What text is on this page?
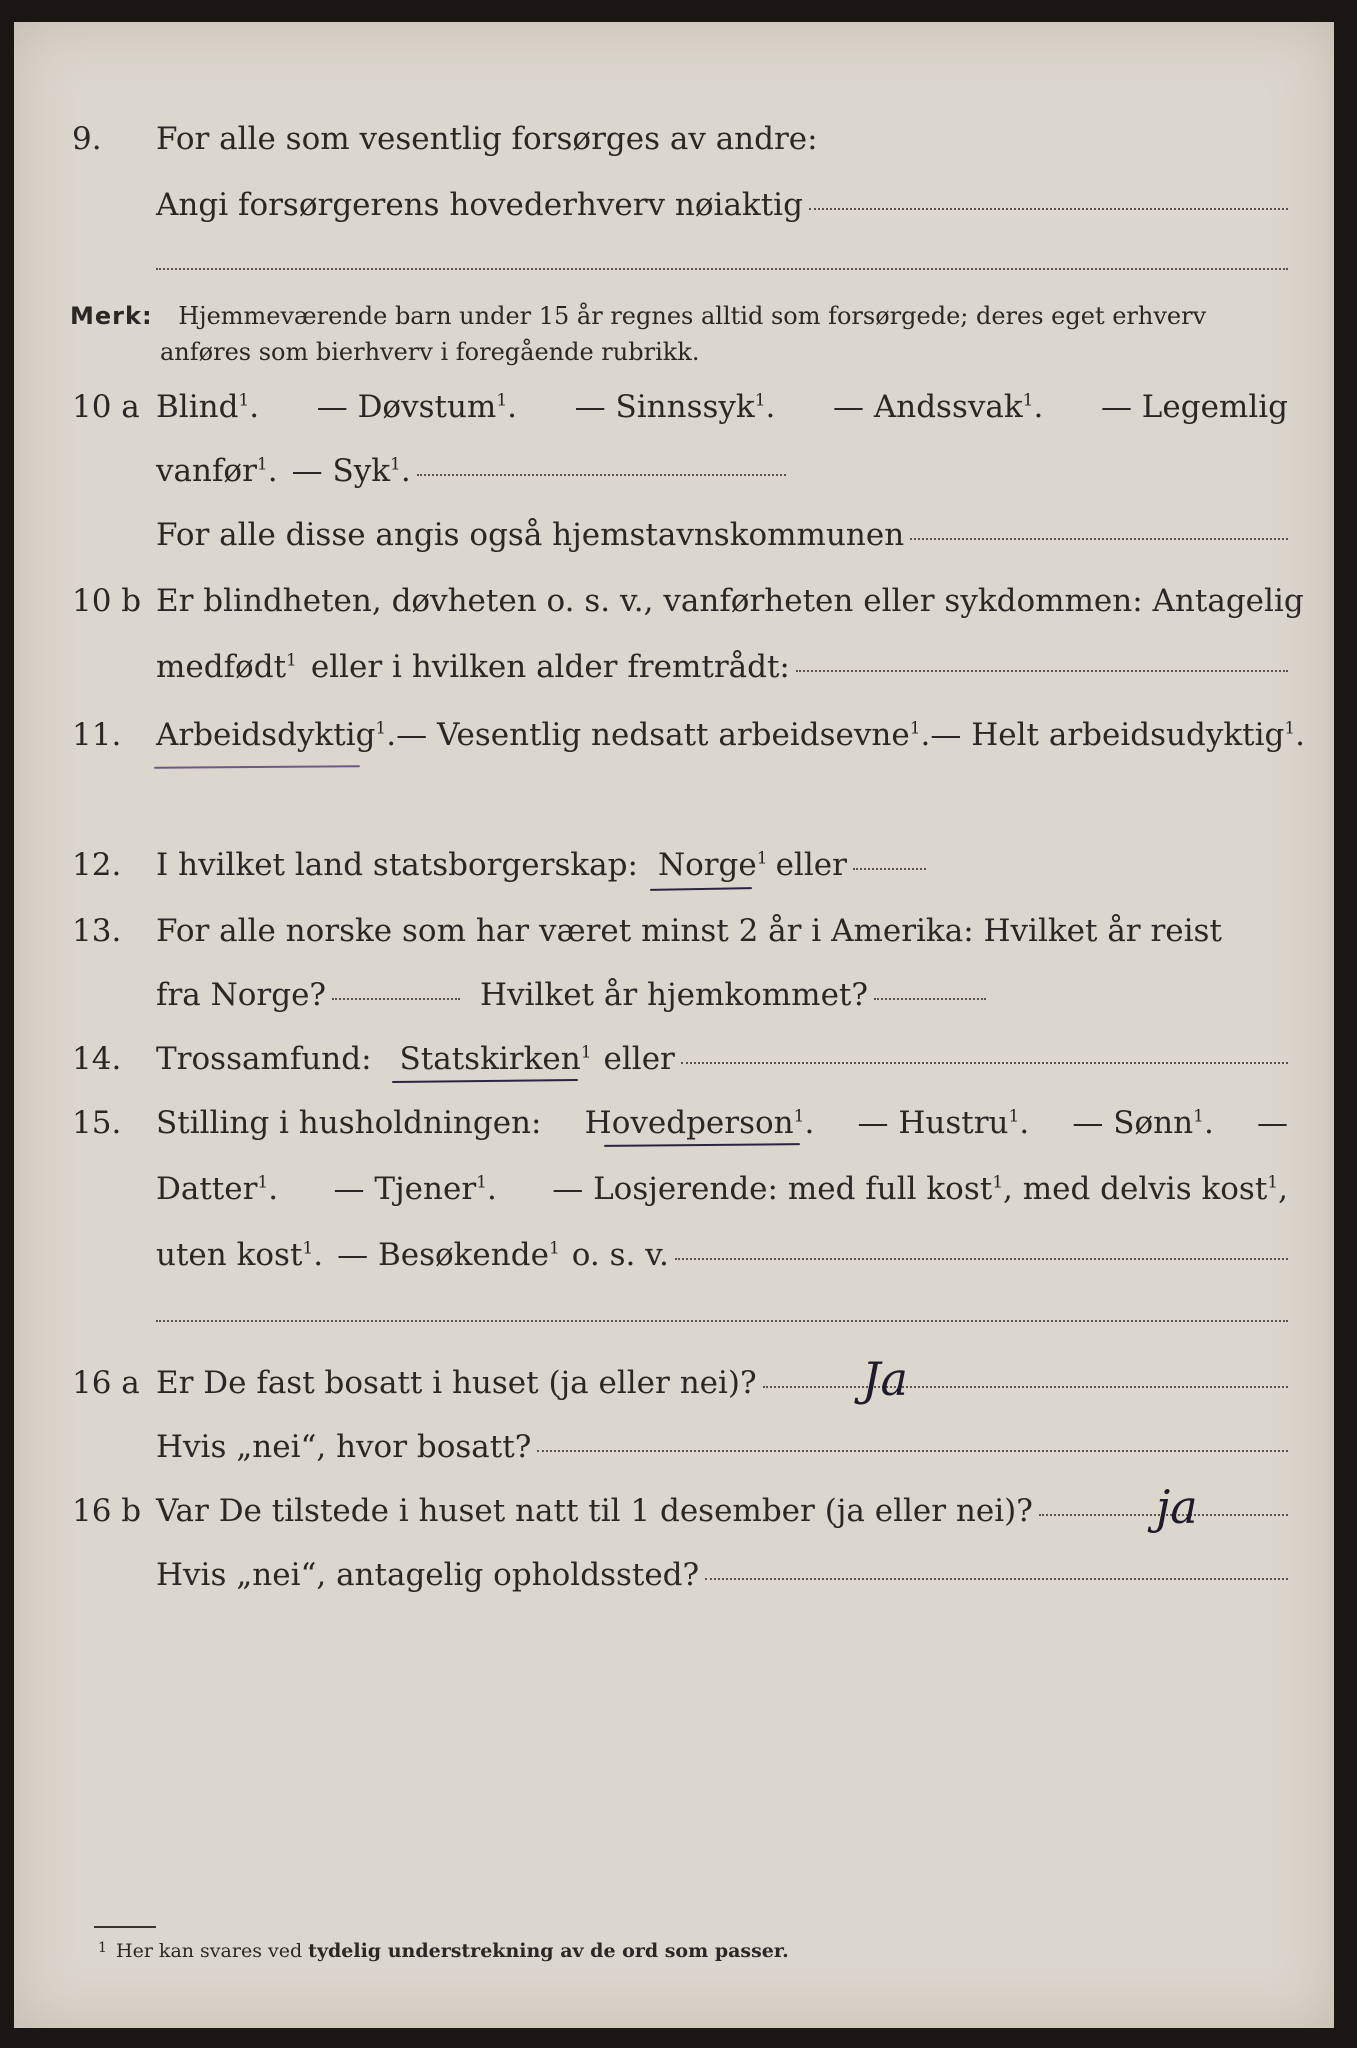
9. For alle som vesentlig forsørges av andre:
Angi forsørgerens hovederhverv nøiaktig
Merk: Hjemmeværende barn under 15 år regnes alltid som forsørgede; deres eget erhverv
anføres som bierhverv i foregående rubrikk.
10 a Blind$^1$. — Døvstum$^1$. — Sinnssyk$^1$. — Andssvak$^1$. — Legemlig
vanfør$^1$. — Syk$^1$.
For alle disse angis også hjemstavnskommunen
10 b Er blindheten, døvheten o. s. v., vanførheten eller sykdommen: Antagelig
medfødt$^1$ eller i hvilken alder fremtrådt:
11. Arbeidsdyktig$^1$. — Vesentlig nedsatt arbeidsevne$^1$. — Helt arbeidsudyktig$^1$.
12. I hvilket land statsborgerskap: Norge$^1$ eller
13. For alle norske som har været minst 2 år i Amerika: Hvilket år reist
fra Norge?	Hvilket år hjemkommet?
14. Trossamfund: Statskirken$^1$ eller
15. Stilling i husholdningen: Hovedperson$^1$. — Hustru$^1$. — Sønn$^1$. —
Datter$^1$. — Tjener$^1$. — Losjerende: med full kost$^1$, med delvis kost$^1$,
uten kost$^1$. — Besøkende$^1$ o. s. v.
16 a Er De fast bosatt i huset (ja eller nei)? Ja
Hvis „nei“, hvor bosatt?
16 b Var De tilstede i huset natt til 1 desember (ja eller nei)?	ja
Hvis „nei“, antagelig opholdssted?
1 Her kan svares ved tydelig understrekning av de ord som passer.
